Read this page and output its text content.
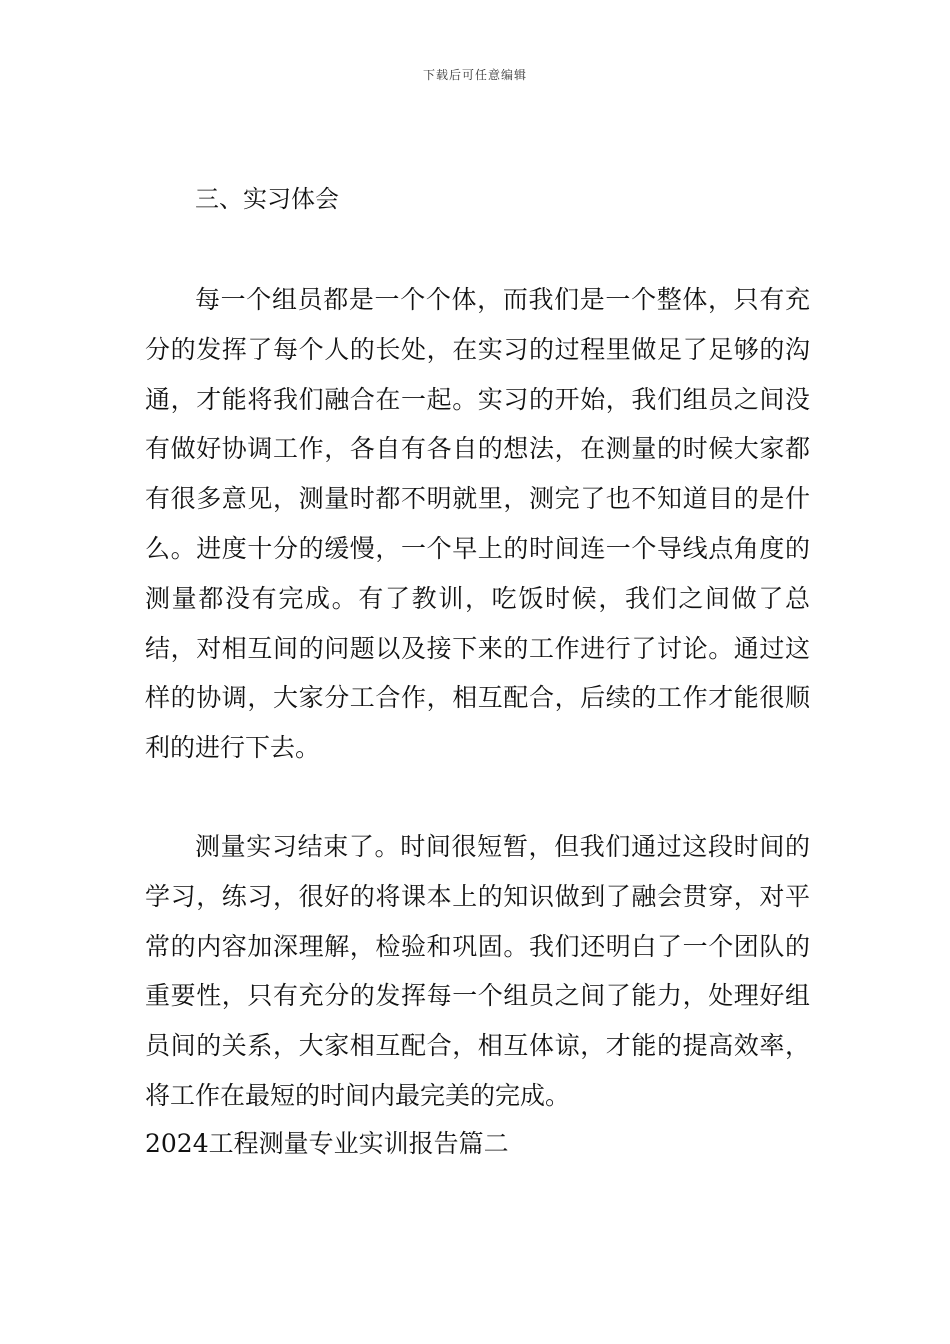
下载后可任意编辑
三、实习体会

每一个组员都是一个个体，而我们是一个整体，只有充分的发挥了每个人的长处，在实习的过程里做足了足够的沟通，才能将我们融合在一起。实习的开始，我们组员之间没有做好协调工作，各自有各自的想法，在测量的时候大家都有很多意见，测量时都不明就里，测完了也不知道目的是什么。进度十分的缓慢，一个早上的时间连一个导线点角度的测量都没有完成。有了教训，吃饭时候，我们之间做了总结，对相互间的问题以及接下来的工作进行了讨论。通过这样的协调，大家分工合作，相互配合，后续的工作才能很顺利的进行下去。

测量实习结束了。时间很短暂，但我们通过这段时间的学习，练习，很好的将课本上的知识做到了融会贯穿，对平常的内容加深理解，检验和巩固。我们还明白了一个团队的重要性，只有充分的发挥每一个组员之间了能力，处理好组员间的关系，大家相互配合，相互体谅，才能的提高效率，将工作在最短的时间内最完美的完成。

2024工程测量专业实训报告篇二
